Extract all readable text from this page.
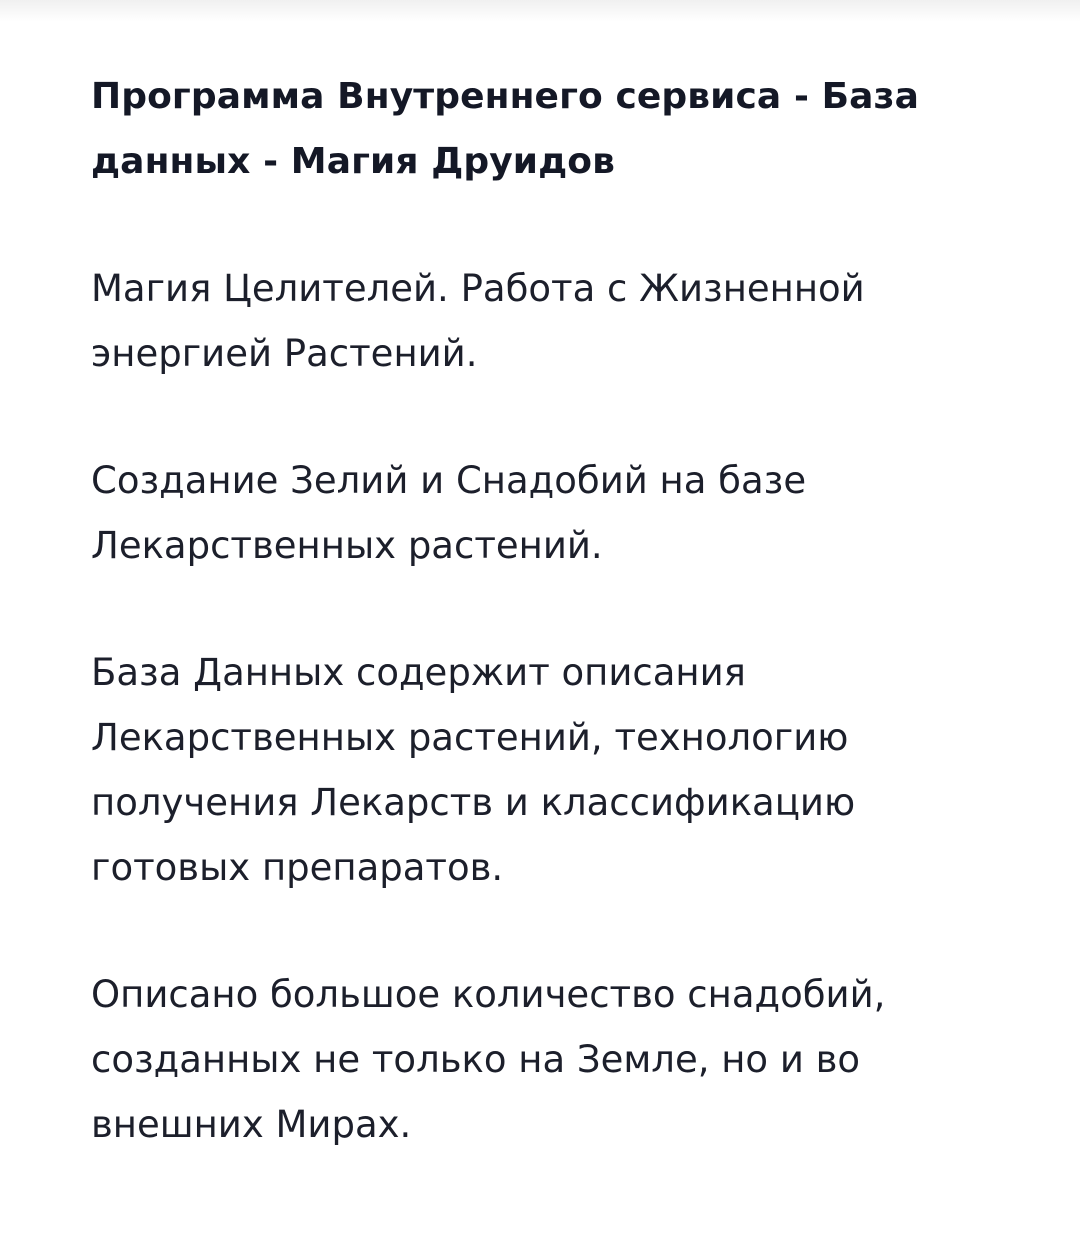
Программа Внутреннего сервиса - База данных - Магия Друидов

Магия Целителей. Работа с Жизненной энергией Растений.

Создание Зелий и Снадобий на базе Лекарственных растений.

База Данных содержит описания Лекарственных растений, технологию получения Лекарств и классификацию готовых препаратов.

Описано большое количество снадобий, созданных не только на Земле, но и во внешних Мирах.
